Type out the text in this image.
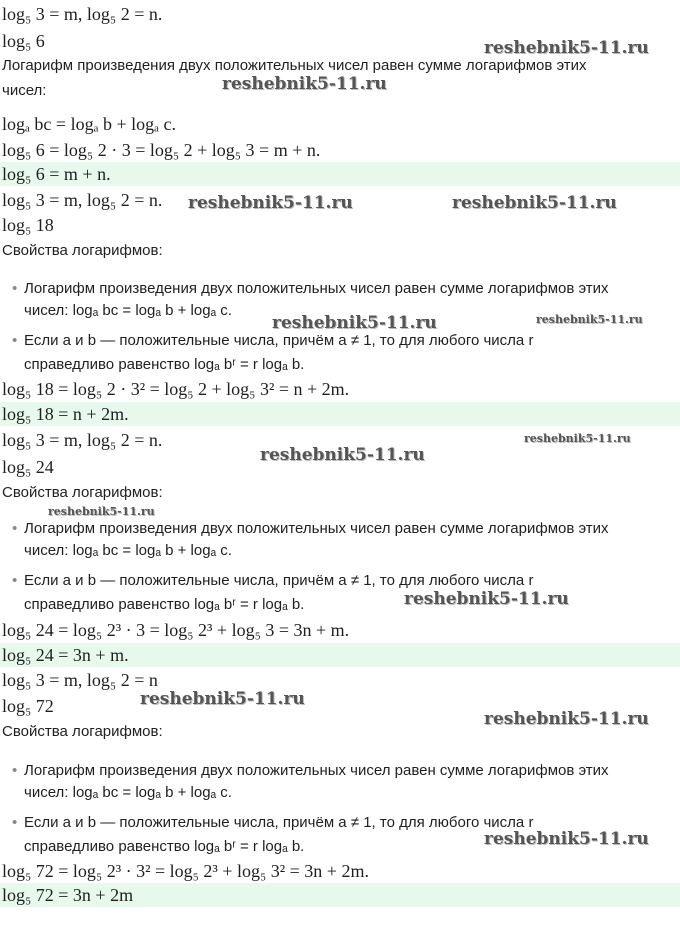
log₅ 3 = m, log₅ 2 = n.
log₅ 6
Логарифм произведения двух положительных чисел равен сумме логарифмов этих
чисел:
logₐ bc = logₐ b + logₐ c.
log₅ 6 = log₅ 2 · 3 = log₅ 2 + log₅ 3 = m + n.
log₅ 6 = m + n.
log₅ 3 = m, log₅ 2 = n.
log₅ 18
Свойства логарифмов:
• Логарифм произведения двух положительных чисел равен сумме логарифмов этих
чисел: logₐ bc = logₐ b + logₐ c.
• Если a и b — положительные числа, причём a ≠ 1, то для любого числа r
справедливо равенство logₐ bʳ = r logₐ b.
log₅ 18 = log₅ 2 · 3² = log₅ 2 + log₅ 3² = n + 2m.
log₅ 18 = n + 2m.
log₅ 3 = m, log₅ 2 = n.
log₅ 24
Свойства логарифмов:
• Логарифм произведения двух положительных чисел равен сумме логарифмов этих
чисел: logₐ bc = logₐ b + logₐ c.
• Если a и b — положительные числа, причём a ≠ 1, то для любого числа r
справедливо равенство logₐ bʳ = r logₐ b.
log₅ 24 = log₅ 2³ · 3 = log₅ 2³ + log₅ 3 = 3n + m.
log₅ 24 = 3n + m.
log₅ 3 = m, log₅ 2 = n
log₅ 72
Свойства логарифмов:
• Логарифм произведения двух положительных чисел равен сумме логарифмов этих
чисел: logₐ bc = logₐ b + logₐ c.
• Если a и b — положительные числа, причём a ≠ 1, то для любого числа r
справедливо равенство logₐ bʳ = r logₐ b.
log₅ 72 = log₅ 2³ · 3² = log₅ 2³ + log₅ 3² = 3n + 2m.
log₅ 72 = 3n + 2m
reshebnik5-11.ru
reshebnik5-11.ru
reshebnik5-11.ru	reshebnik5-11.ru
reshebnik5-11.ru	reshebnik5-11.ru
reshebnik5-11.ru
reshebnik5-11.ru
reshebnik5-11.ru
reshebnik5-11.ru
reshebnik5-11.ru
reshebnik5-11.ru
reshebnik5-11.ru
